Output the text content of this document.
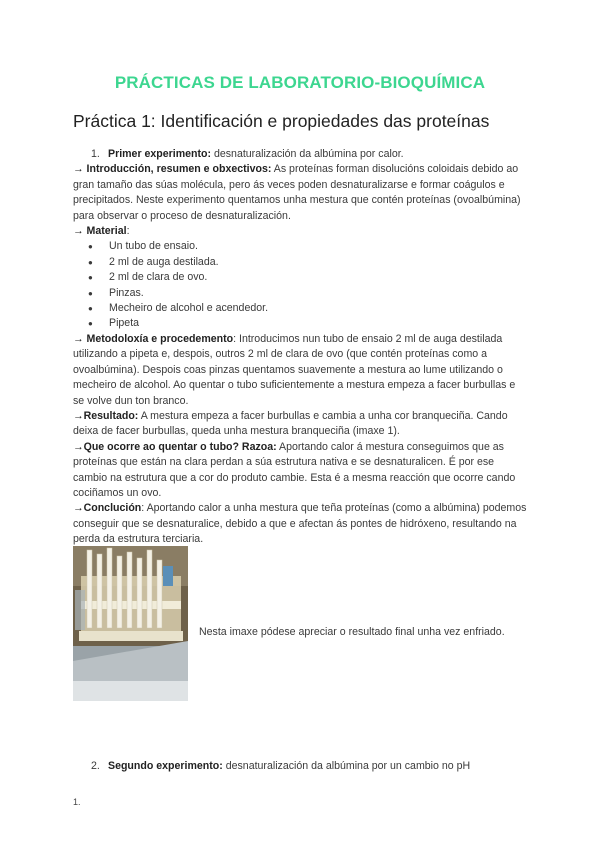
PRÁCTICAS DE LABORATORIO-BIOQUÍMICA
Práctica 1: Identificación e propiedades das proteínas

1. Primer experimento: desnaturalización da albúmina por calor.

→ Introducción, resumen e obxectivos: As proteínas forman disolucións coloidais debido ao gran tamaño das súas molécula, pero ás veces poden desnaturalizarse e formar coágulos e precipitados. Neste experimento quentamos unha mestura que contén proteínas (ovoalbúmina) para observar o proceso de desnaturalización.

→ Material:

● Un tubo de ensaio.
● 2 ml de auga destilada.
● 2 ml de clara de ovo.
● Pinzas.
● Mecheiro de alcohol e acendedor.
● Pipeta

→ Metodoloxía e procedemento: Introducimos nun tubo de ensaio 2 ml de auga destilada utilizando a pipeta e, despois, outros 2 ml de clara de ovo (que contén proteínas como a ovoalbúmina). Despois coas pinzas quentamos suavemente a mestura ao lume utilizando o mecheiro de alcohol. Ao quentar o tubo suficientemente a mestura empeza a facer burbullas e se volve dun ton branco.

→Resultado: A mestura empeza a facer burbullas e cambia a unha cor branqueciña. Cando deixa de facer burbullas, queda unha mestura branqueciña (imaxe 1).

→Que ocorre ao quentar o tubo? Razoa: Aportando calor á mestura conseguimos que as proteínas que están na clara perdan a súa estrutura nativa e se desnaturalicen. É por ese cambio na estrutura que a cor do produto cambie. Esta é a mesma reacción que ocorre cando cociñamos un ovo.

→Conclución: Aportando calor a unha mestura que teña proteínas (como a albúmina) podemos conseguir que se desnaturalice, debido a que e afectan ás pontes de hidróxeno, resultando na perda da estrutura terciaria.

Nesta imaxe pódese apreciar o resultado final unha vez enfriado.
2. Segundo experimento: desnaturalización da albúmina por un cambio no pH
1.
